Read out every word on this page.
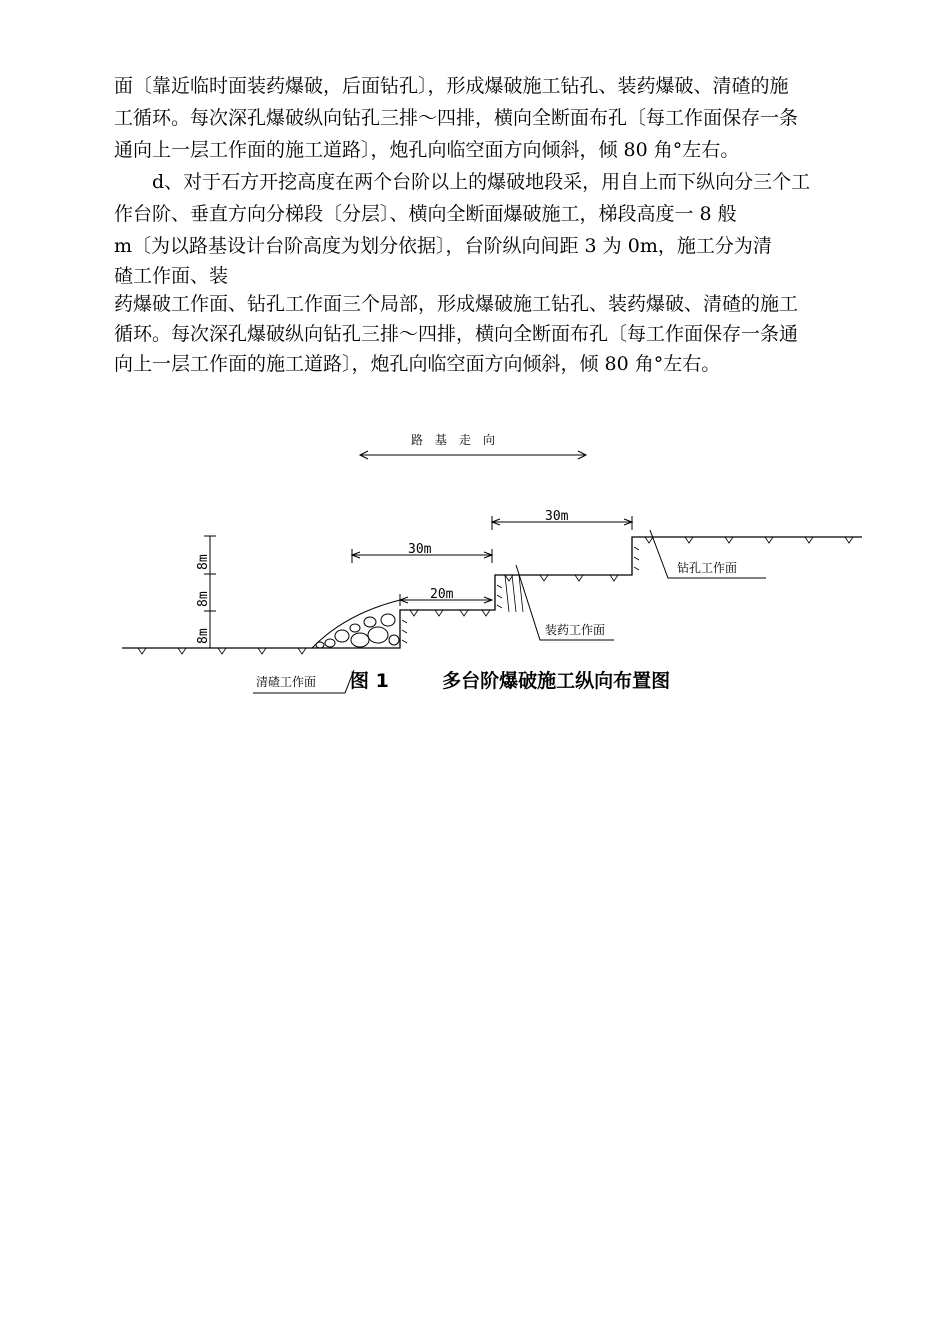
面〔靠近临时面装药爆破，后面钻孔〕，形成爆破施工钻孔、装药爆破、清碴的施
工循环。每次深孔爆破纵向钻孔三排～四排，横向全断面布孔〔每工作面保存一条
通向上一层工作面的施工道路〕，炮孔向临空面方向倾斜，倾 80 角°左右。
d、对于石方开挖高度在两个台阶以上的爆破地段采，用自上而下纵向分三个工
作台阶、垂直方向分梯段〔分层〕、横向全断面爆破施工，梯段高度一 8 般
m〔为以路基设计台阶高度为划分依据〕，台阶纵向间距 3 为 0m，施工分为清
碴工作面、装
药爆破工作面、钻孔工作面三个局部，形成爆破施工钻孔、装药爆破、清碴的施工
循环。每次深孔爆破纵向钻孔三排～四排，横向全断面布孔〔每工作面保存一条通
向上一层工作面的施工道路〕，炮孔向临空面方向倾斜，倾 80 角°左右。
路　基　走　向
30m
30m
20m
8m
8m
8m
钻孔工作面
装药工作面
清碴工作面 图 1	多台阶爆破施工纵向布置图
